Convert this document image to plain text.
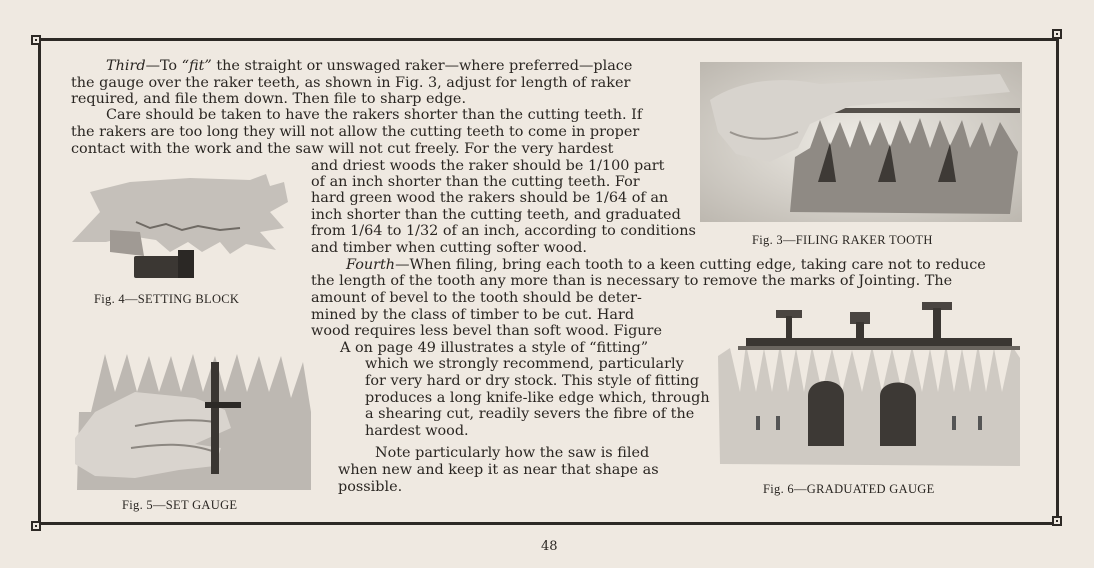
Third—To “fit” the straight or unswaged raker—where preferred—place
the gauge over the raker teeth, as shown in Fig. 3, adjust for length of raker
required, and file them down. Then file to sharp edge.
Care should be taken to have the rakers shorter than the cutting teeth. If
the rakers are too long they will not allow the cutting teeth to come in proper
contact with the work and the saw will not cut freely. For the very hardest
and driest woods the raker should be 1/100 part
of an inch shorter than the cutting teeth. For
hard green wood the rakers should be 1/64 of an
inch shorter than the cutting teeth, and graduated
from 1/64 to 1/32 of an inch, according to conditions
and timber when cutting softer wood.
Fourth—When filing, bring each tooth to a keen cutting edge, taking care not to reduce
the length of the tooth any more than is necessary to remove the marks of Jointing. The
amount of bevel to the tooth should be deter-
mined by the class of timber to be cut. Hard
wood requires less bevel than soft wood. Figure
A on page 49 illustrates a style of “fitting”
which we strongly recommend, particularly
for very hard or dry stock. This style of fitting
produces a long knife-like edge which, through
a shearing cut, readily severs the fibre of the
hardest wood.
Note particularly how the saw is filed
when new and keep it as near that shape as
possible.
Fig. 3—FILING RAKER TOOTH
Fig. 4—SETTING BLOCK
Fig. 5—SET GAUGE
Fig. 6—GRADUATED GAUGE
48
